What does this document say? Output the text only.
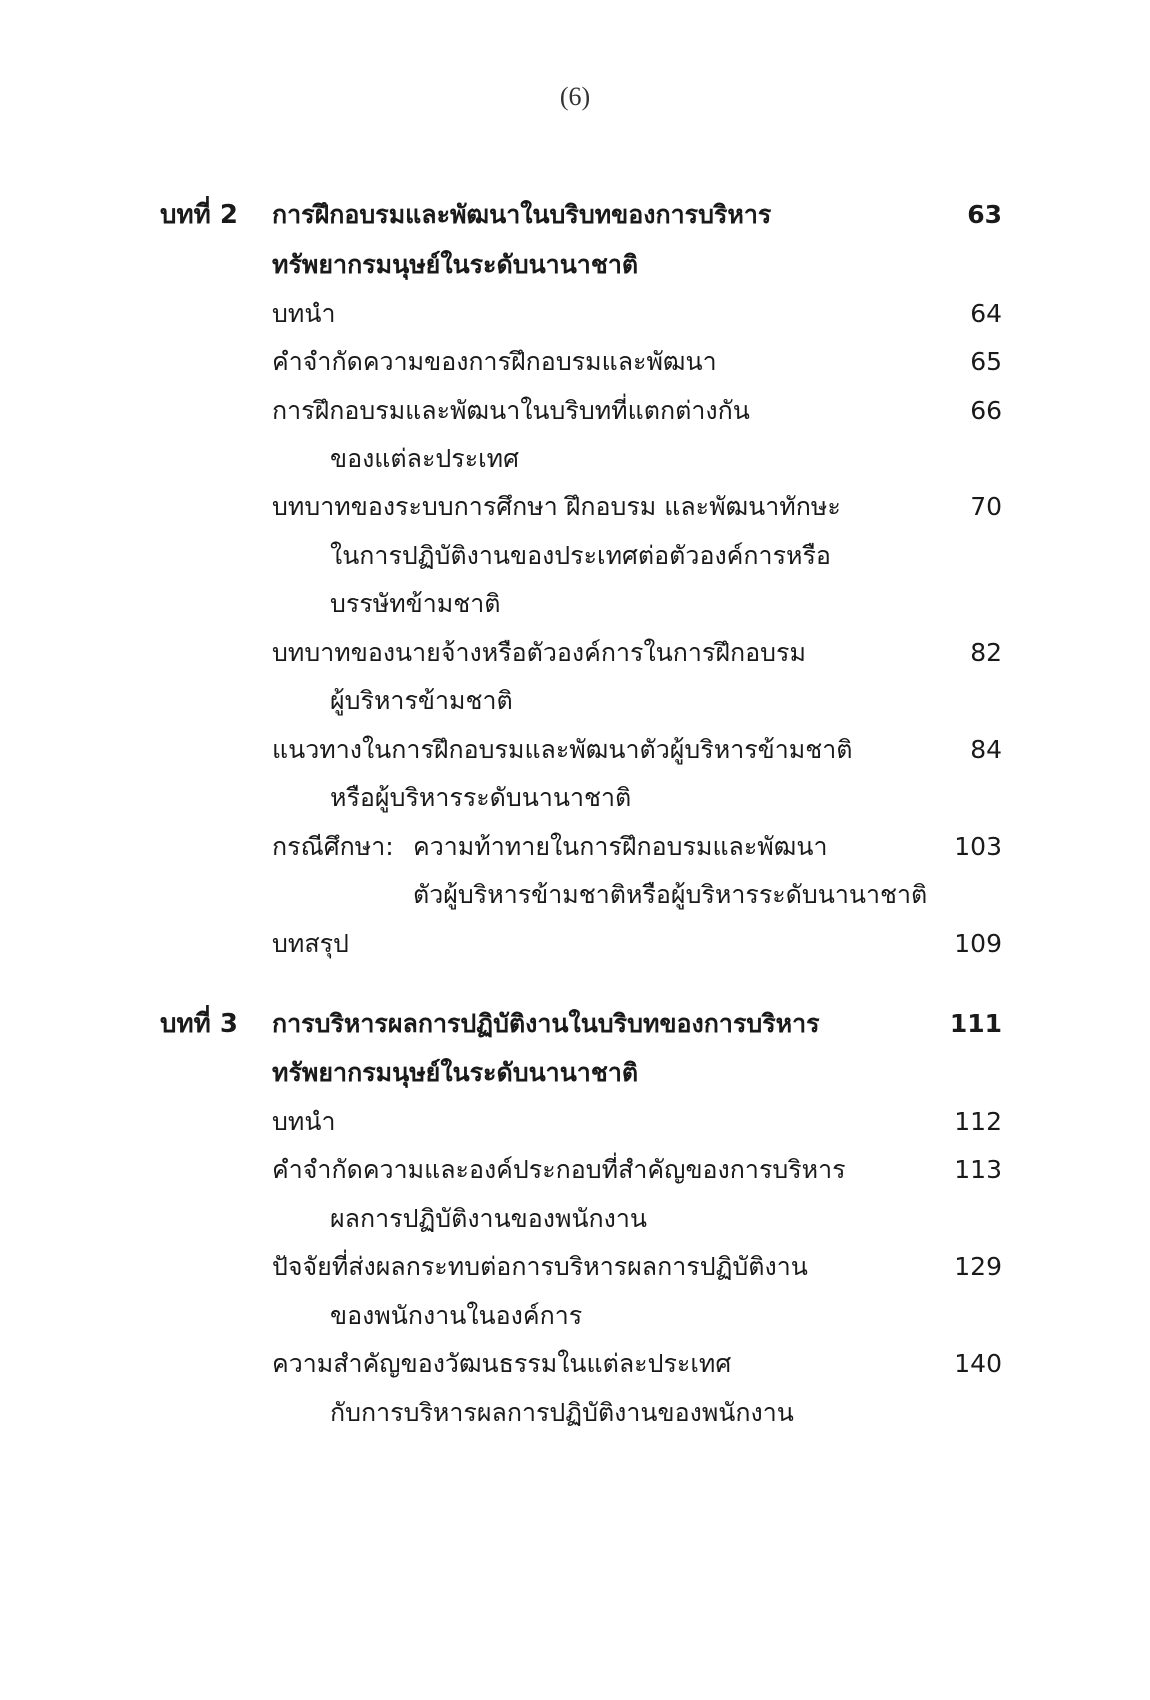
(6)
บทที่ 2 การฝึกอบรมและพัฒนาในบริบทของการบริหาร	63
ทรัพยากรมนุษย์ในระดับนานาชาติ
บทนำ	64
คำจำกัดความของการฝึกอบรมและพัฒนา	65
การฝึกอบรมและพัฒนาในบริบทที่แตกต่างกัน	66
ของแต่ละประเทศ
บทบาทของระบบการศึกษา ฝึกอบรม และพัฒนาทักษะ	70
ในการปฏิบัติงานของประเทศต่อตัวองค์การหรือ
บรรษัทข้ามชาติ
บทบาทของนายจ้างหรือตัวองค์การในการฝึกอบรม	82
ผู้บริหารข้ามชาติ
แนวทางในการฝึกอบรมและพัฒนาตัวผู้บริหารข้ามชาติ	84
หรือผู้บริหารระดับนานาชาติ
กรณีศึกษา: ความท้าทายในการฝึกอบรมและพัฒนา	103
ตัวผู้บริหารข้ามชาติหรือผู้บริหารระดับนานาชาติ
บทสรุป	109
บทที่ 3 การบริหารผลการปฏิบัติงานในบริบทของการบริหาร	111
ทรัพยากรมนุษย์ในระดับนานาชาติ
บทนำ	112
คำจำกัดความและองค์ประกอบที่สำคัญของการบริหาร	113
ผลการปฏิบัติงานของพนักงาน
ปัจจัยที่ส่งผลกระทบต่อการบริหารผลการปฏิบัติงาน	129
ของพนักงานในองค์การ
ความสำคัญของวัฒนธรรมในแต่ละประเทศ	140
กับการบริหารผลการปฏิบัติงานของพนักงาน
